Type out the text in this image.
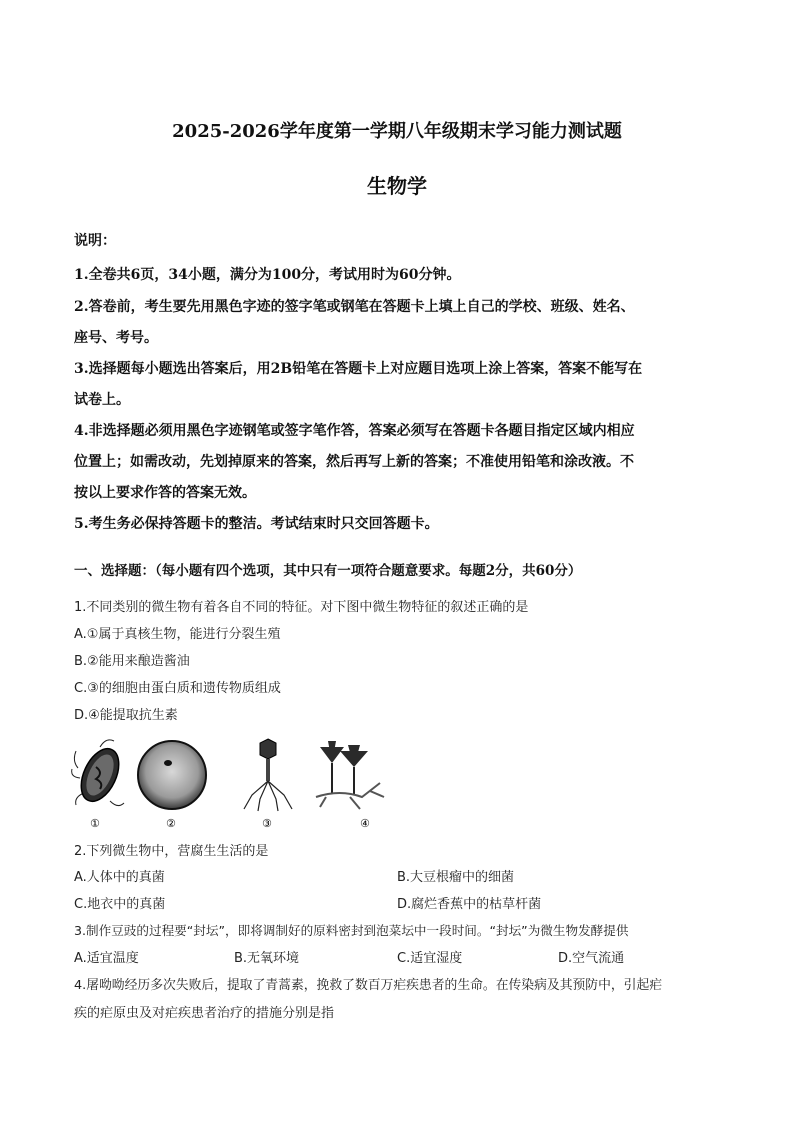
2025-2026学年度第一学期八年级期末学习能力测试题
生物学
说明：
1.全卷共6页，34小题，满分为100分，考试用时为60分钟。
2.答卷前，考生要先用黑色字迹的签字笔或钢笔在答题卡上填上自己的学校、班级、姓名、
座号、考号。
3.选择题每小题选出答案后，用2B铅笔在答题卡上对应题目选项上涂上答案，答案不能写在
试卷上。
4.非选择题必须用黑色字迹钢笔或签字笔作答，答案必须写在答题卡各题目指定区域内相应
位置上；如需改动，先划掉原来的答案，然后再写上新的答案；不准使用铅笔和涂改液。不
按以上要求作答的答案无效。
5.考生务必保持答题卡的整洁。考试结束时只交回答题卡。
一、选择题：（每小题有四个选项，其中只有一项符合题意要求。每题2分，共60分）
1.不同类别的微生物有着各自不同的特征。对下图中微生物特征的叙述正确的是
A.①属于真核生物，能进行分裂生殖
B.②能用来酿造酱油
C.③的细胞由蛋白质和遗传物质组成
D.④能提取抗生素
①	②	③	④
2.下列微生物中，营腐生生活的是
A.人体中的真菌	B.大豆根瘤中的细菌
C.地衣中的真菌	D.腐烂香蕉中的枯草杆菌
3.制作豆豉的过程要“封坛”，即将调制好的原料密封到泡菜坛中一段时间。“封坛”为微生物发酵提供
A.适宜温度	B.无氧环境	C.适宜湿度	D.空气流通
4.屠呦呦经历多次失败后，提取了青蒿素，挽救了数百万疟疾患者的生命。在传染病及其预防中，引起疟
疾的疟原虫及对疟疾患者治疗的措施分别是指
